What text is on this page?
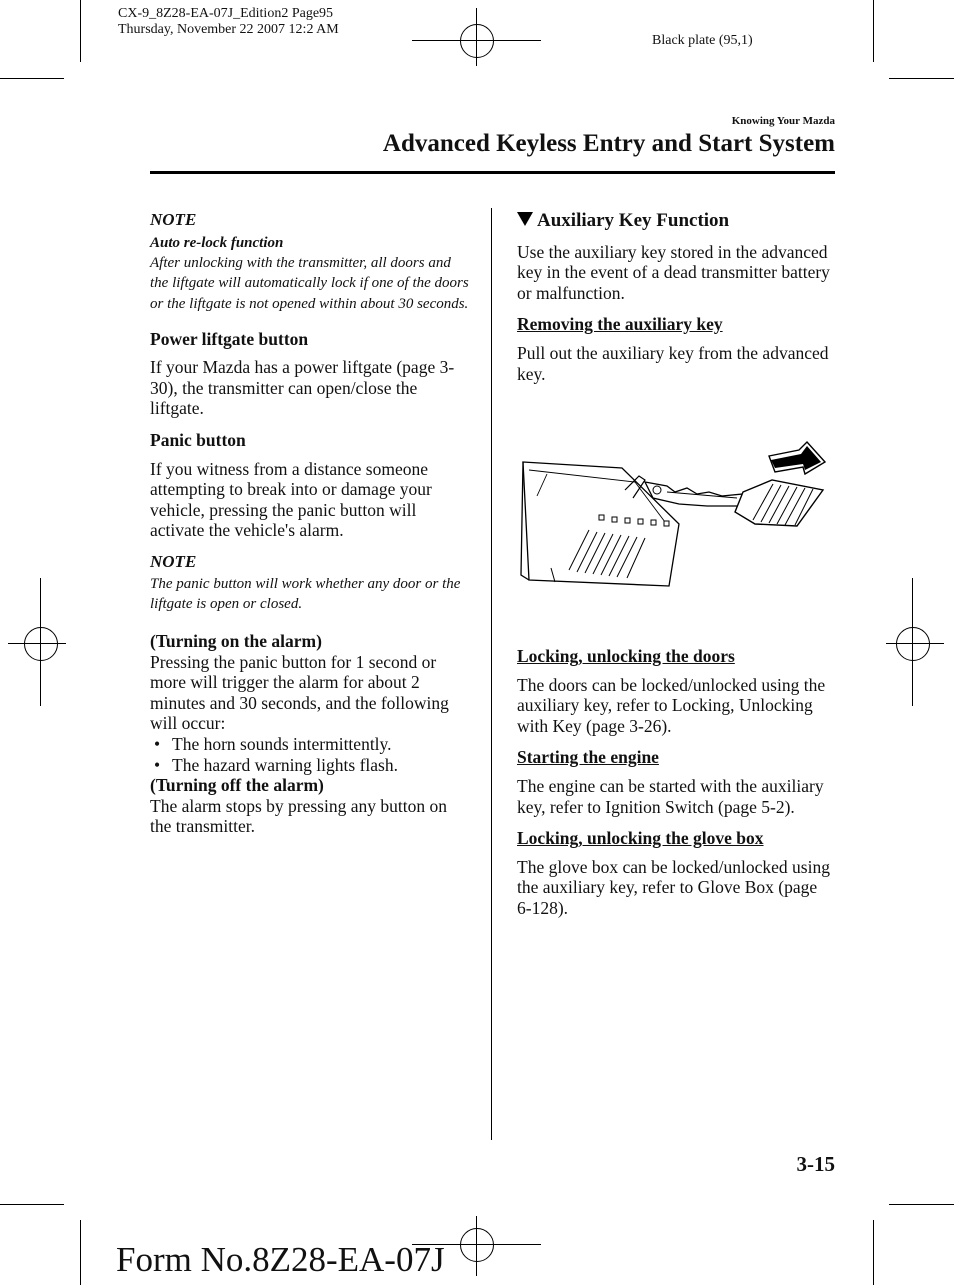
CX-9_8Z28-EA-07J_Edition2 Page95
Thursday, November 22 2007 12:2 AM
Black plate (95,1)
Knowing Your Mazda
Advanced Keyless Entry and Start System

NOTE

Auto re-lock function

After unlocking with the transmitter, all doors and the liftgate will automatically lock if one of the doors or the liftgate is not opened within about 30 seconds.

Power liftgate button

If your Mazda has a power liftgate (page 3-30), the transmitter can open/close the liftgate.

Panic button

If you witness from a distance someone attempting to break into or damage your vehicle, pressing the panic button will activate the vehicle's alarm.

NOTE

The panic button will work whether any door or the liftgate is open or closed.

(Turning on the alarm)

Pressing the panic button for 1 second or more will trigger the alarm for about 2 minutes and 30 seconds, and the following will occur:

• The horn sounds intermittently.

• The hazard warning lights flash.

(Turning off the alarm)

The alarm stops by pressing any button on the transmitter.

Auxiliary Key Function

Use the auxiliary key stored in the advanced key in the event of a dead transmitter battery or malfunction.

Removing the auxiliary key

Pull out the auxiliary key from the advanced key.

Locking, unlocking the doors

The doors can be locked/unlocked using the auxiliary key, refer to Locking, Unlocking with Key (page 3-26).

Starting the engine

The engine can be started with the auxiliary key, refer to Ignition Switch (page 5-2).

Locking, unlocking the glove box

The glove box can be locked/unlocked using the auxiliary key, refer to Glove Box (page 6-128).

3-15
Form No.8Z28-EA-07J
